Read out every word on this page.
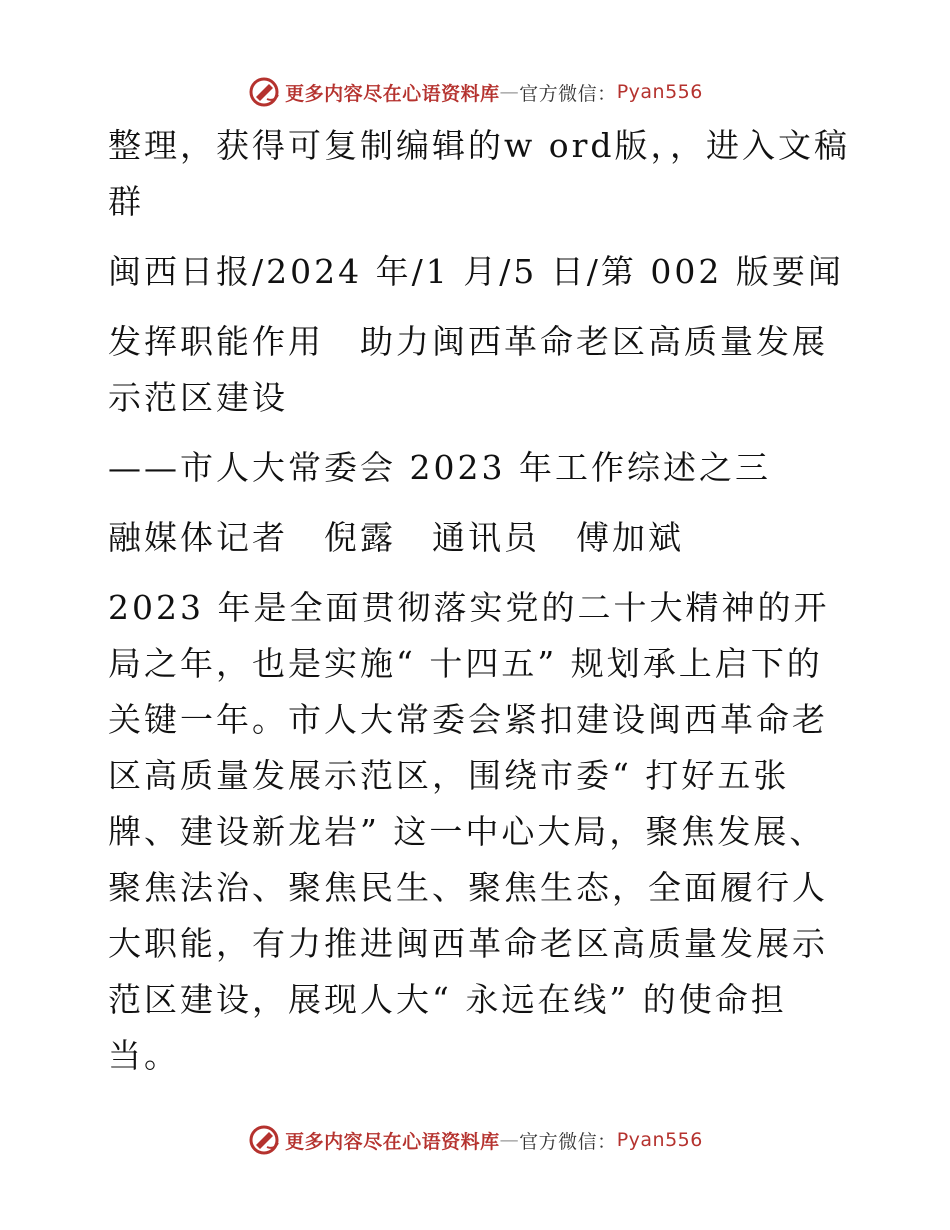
更多内容尽在心语资料库 — 官方微信： Pyan556

整理，获得可复制编辑的w ord版，，进入文稿群

闽西日报/2024 年/1 月/5 日/第 002 版要闻

发挥职能作用　助力闽西革命老区高质量发展示范区建设

——市人大常委会 2023 年工作综述之三

融媒体记者　倪露　通讯员　傅加斌

2023 年是全面贯彻落实党的二十大精神的开局之年，也是实施“ 十四五” 规划承上启下的关键一年。市人大常委会紧扣建设闽西革命老区高质量发展示范区，围绕市委“ 打好五张牌、建设新龙岩” 这一中心大局，聚焦发展、聚焦法治、聚焦民生、聚焦生态，全面履行人大职能，有力推进闽西革命老区高质量发展示范区建设，展现人大“ 永远在线” 的使命担当。

更多内容尽在心语资料库 — 官方微信： Pyan556
